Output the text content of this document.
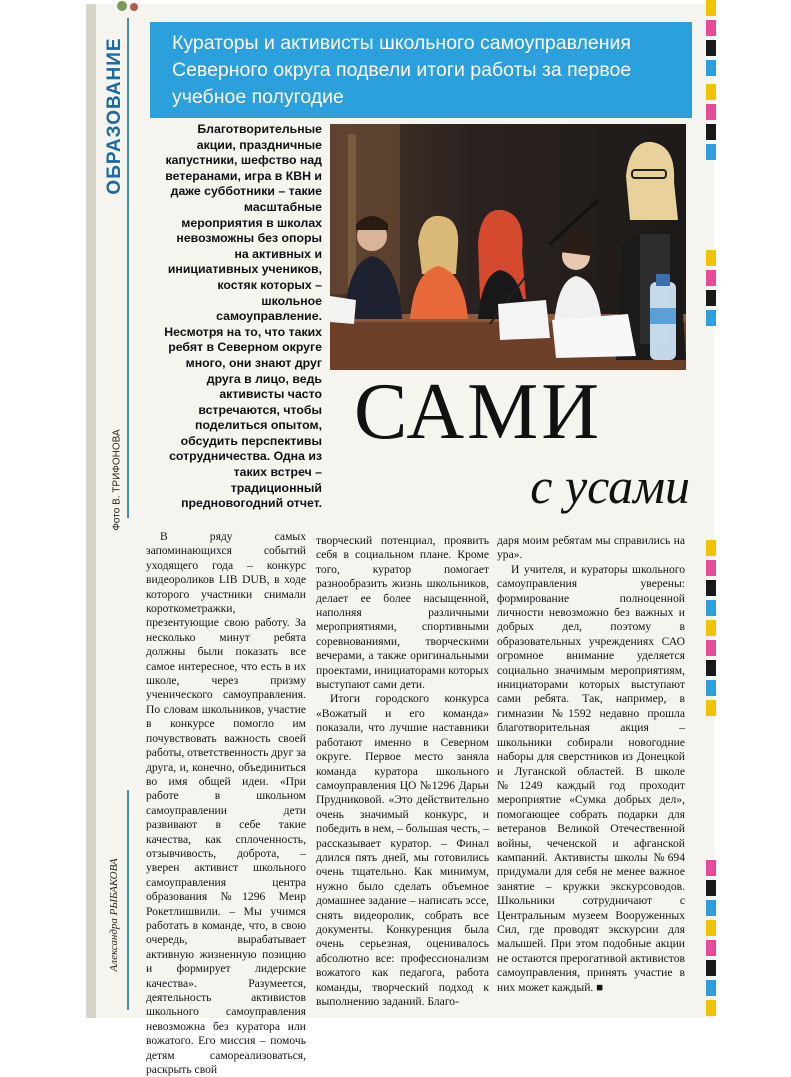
ОБРАЗОВАНИЕ Кураторы и активисты школьного самоуправления Северного округа подвели итоги работы за первое учебное полугодие
Благотворительные акции, праздничные капустники, шефство над ветеранами, игра в КВН и даже субботники – такие масштабные мероприятия в школах невозможны без опоры на активных и инициативных учеников, костяк которых – школьное самоуправление. Несмотря на то, что таких ребят в Северном округе много, они знают друг друга в лицо, ведь активисты часто встречаются, чтобы поделиться опытом, обсудить перспективы сотрудничества. Одна из таких встреч – традиционный предновогодний отчет.
Фото В. ТРИФОНОВА
САМИ
с усами

В ряду самых запоминающихся событий уходящего года – конкурс видеороликов LIB DUB, в ходе которого участники снимали короткометражки, презентующие свою работу. За несколько минут ребята должны были показать все самое интересное, что есть в их школе, через призму ученического самоуправления. По словам школьников, участие в конкурсе помогло им почувствовать важность своей работы, ответственность друг за друга, и, конечно, объединиться во имя общей идеи. «При работе в школьном самоуправлении дети развивают в себе такие качества, как сплоченность, отзывчивость, доброта, – уверен активист школьного самоуправления центра образования №1296 Меир Рокетлишвили. – Мы учимся работать в команде, что, в свою очередь, вырабатывает активную жизненную позицию и формирует лидерские качества». Разумеется, деятельность активистов школьного самоуправления невозможна без куратора или вожатого. Его миссия – помочь детям самореализоваться, раскрыть свой

творческий потенциал, проявить себя в социальном плане. Кроме того, куратор помогает разнообразить жизнь школьников, делает ее более насыщенной, наполняя различными мероприятиями, спортивными соревнованиями, творческими вечерами, а также оригинальными проектами, инициаторами которых выступают сами дети.

Итоги городского конкурса «Вожатый и его команда» показали, что лучшие наставники работают именно в Северном округе. Первое место заняла команда куратора школьного самоуправления ЦО №1296 Дарьи Прудниковой. «Это действительно очень значимый конкурс, и победить в нем, – большая честь, – рассказывает куратор. – Финал длился пять дней, мы готовились очень тщательно. Как минимум, нужно было сделать объемное домашнее задание – написать эссе, снять видеоролик, собрать все документы. Конкуренция была очень серьезная, оценивалось абсолютно все: профессионализм вожатого как педагога, работа команды, творческий подход к выполнению заданий. Благо-

даря моим ребятам мы справились на ура».

И учителя, и кураторы школьного самоуправления уверены: формирование полноценной личности невозможно без важных и добрых дел, поэтому в образовательных учреждениях САО огромное внимание уделяется социально значимым мероприятиям, инициаторами которых выступают сами ребята. Так, например, в гимназии №1592 недавно прошла благотворительная акция – школьники собирали новогодние наборы для сверстников из Донецкой и Луганской областей. В школе №1249 каждый год проходит мероприятие «Сумка добрых дел», помогающее собрать подарки для ветеранов Великой Отечественной войны, чеченской и афганской кампаний. Активисты школы №694 придумали для себя не менее важное занятие – кружки экскурсоводов. Школьники сотрудничают с Центральным музеем Вооруженных Сил, где проводят экскурсии для малышей. При этом подобные акции не остаются прерогативой активистов самоуправления, принять участие в них может каждый. ■

Александра РЫБАКОВА
